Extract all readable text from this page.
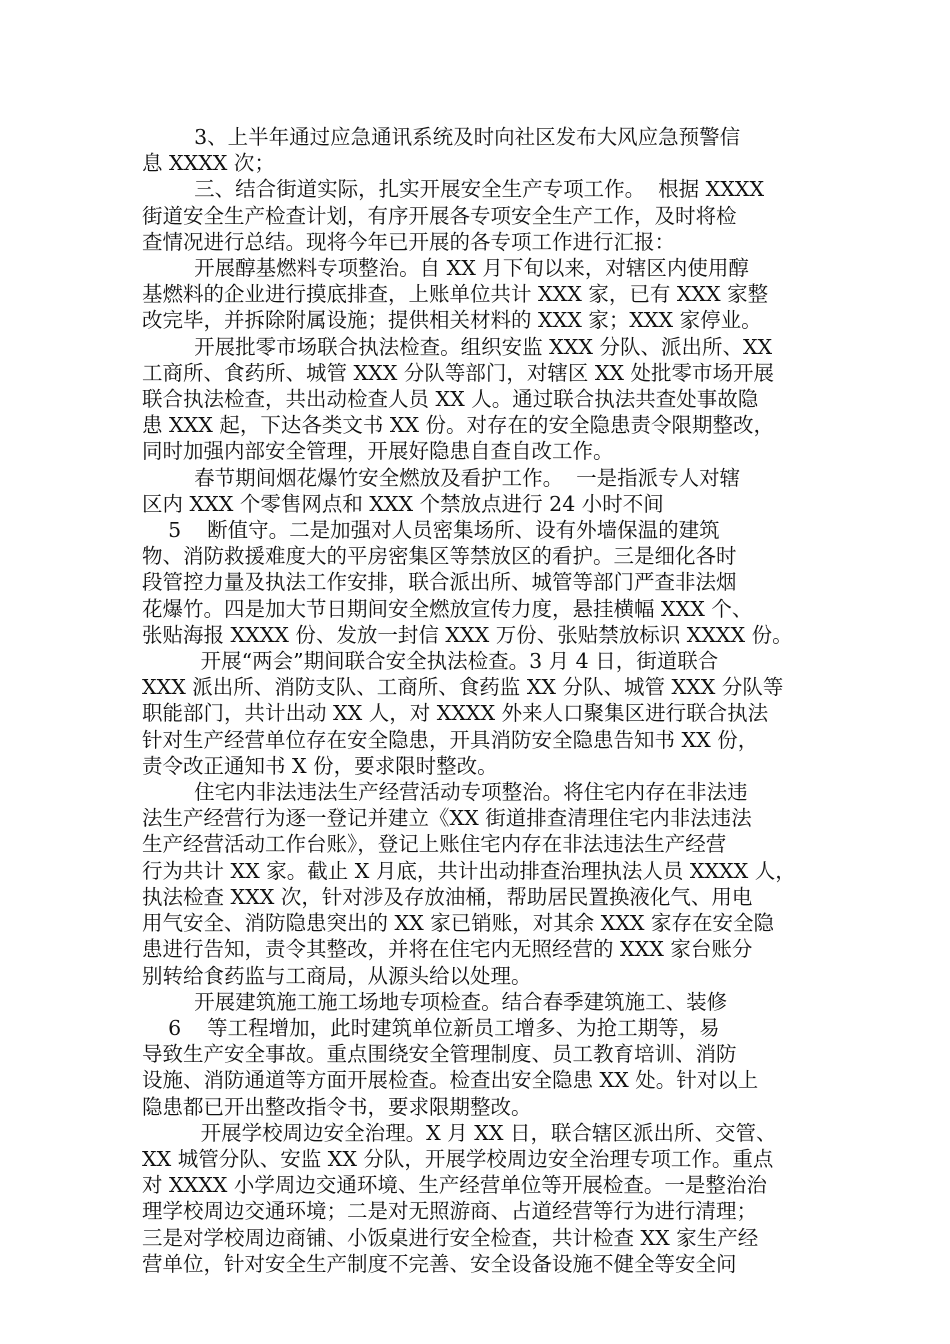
3、上半年通过应急通讯系统及时向社区发布大风应急预警信
息 XXXX 次；
三、结合街道实际，扎实开展安全生产专项工作。  根据 XXXX
街道安全生产检查计划，有序开展各专项安全生产工作，及时将检
查情况进行总结。现将今年已开展的各专项工作进行汇报：
开展醇基燃料专项整治。自 XX 月下旬以来，对辖区内使用醇
基燃料的企业进行摸底排查，上账单位共计 XXX 家，已有 XXX 家整
改完毕，并拆除附属设施；提供相关材料的 XXX 家；XXX 家停业。
开展批零市场联合执法检查。组织安监 XXX 分队、派出所、XX
工商所、食药所、城管 XXX 分队等部门，对辖区 XX 处批零市场开展
联合执法检查，共出动检查人员 XX 人。通过联合执法共查处事故隐
患 XXX 起，下达各类文书 XX 份。对存在的安全隐患责令限期整改，
同时加强内部安全管理，开展好隐患自查自改工作。
春节期间烟花爆竹安全燃放及看护工作。  一是指派专人对辖
区内 XXX 个零售网点和 XXX 个禁放点进行 24 小时不间
5    断值守。二是加强对人员密集场所、设有外墙保温的建筑
物、消防救援难度大的平房密集区等禁放区的看护。三是细化各时
段管控力量及执法工作安排，联合派出所、城管等部门严查非法烟
花爆竹。四是加大节日期间安全燃放宣传力度，悬挂横幅 XXX 个、
张贴海报 XXXX 份、发放一封信 XXX 万份、张贴禁放标识 XXXX 份。
开展“两会”期间联合安全执法检查。3 月 4 日，街道联合
XXX 派出所、消防支队、工商所、食药监 XX 分队、城管 XXX 分队等
职能部门，共计出动 XX 人，对 XXXX 外来人口聚集区进行联合执法
针对生产经营单位存在安全隐患，开具消防安全隐患告知书 XX 份，
责令改正通知书 X 份，要求限时整改。
住宅内非法违法生产经营活动专项整治。将住宅内存在非法违
法生产经营行为逐一登记并建立《XX 街道排查清理住宅内非法违法
生产经营活动工作台账》，登记上账住宅内存在非法违法生产经营
行为共计 XX 家。截止 X 月底，共计出动排查治理执法人员 XXXX 人，
执法检查 XXX 次，针对涉及存放油桶，帮助居民置换液化气、用电
用气安全、消防隐患突出的 XX 家已销账，对其余 XXX 家存在安全隐
患进行告知，责令其整改，并将在住宅内无照经营的 XXX 家台账分
别转给食药监与工商局，从源头给以处理。
开展建筑施工施工场地专项检查。结合春季建筑施工、装修
6    等工程增加，此时建筑单位新员工增多、为抢工期等，易
导致生产安全事故。重点围绕安全管理制度、员工教育培训、消防
设施、消防通道等方面开展检查。检查出安全隐患 XX 处。针对以上
隐患都已开出整改指令书，要求限期整改。
开展学校周边安全治理。X 月 XX 日，联合辖区派出所、交管、
XX 城管分队、安监 XX 分队，开展学校周边安全治理专项工作。重点
对 XXXX 小学周边交通环境、生产经营单位等开展检查。一是整治治
理学校周边交通环境；二是对无照游商、占道经营等行为进行清理；
三是对学校周边商铺、小饭桌进行安全检查，共计检查 XX 家生产经
营单位，针对安全生产制度不完善、安全设备设施不健全等安全问
